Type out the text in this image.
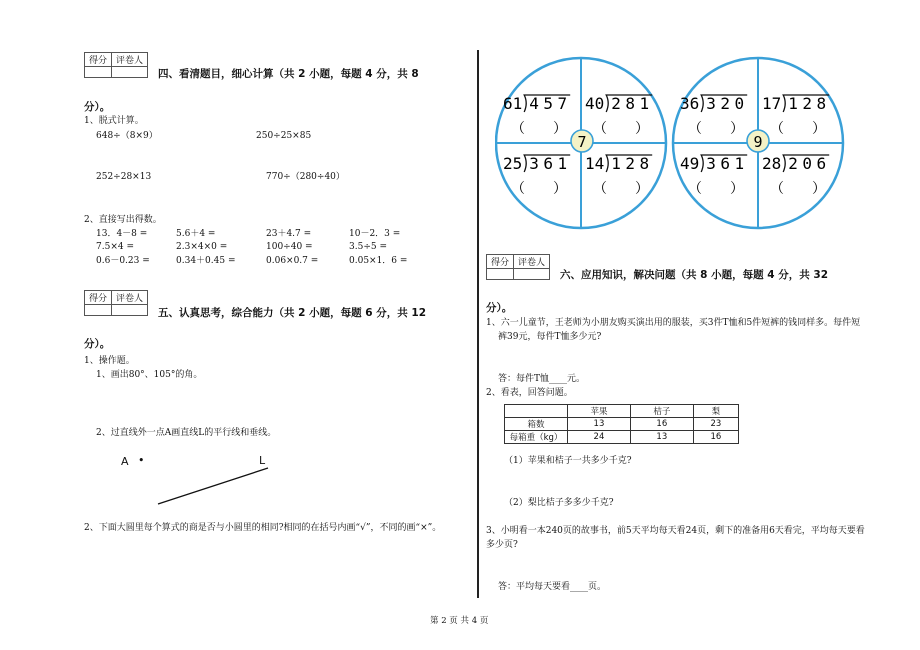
得分	评卷人

四、看清题目，细心计算（共 2 小题，每题 4 分，共 8
分）。
1、脱式计算。
648÷（8×9）	250÷25×85
252÷28×13	770÷（280÷40）
2、直接写出得数。
13．4－8 =	5.6＋4 =	23＋4.7 =	10－2．3 =
7.5×4 =	2.3×4×0 =	100÷40 =	3.5÷5 =
0.6－0.23 =	0.34＋0.45 =	0.06×0.7 =	0.05×1．6 =
得分	评卷人

五、认真思考，综合能力（共 2 小题，每题 6 分，共 12
分）。
1、操作题。
1、画出80°、105°的角。
2、过直线外一点A画直线L的平行线和垂线。
A •	L
2、下面大圆里每个算式的商是否与小圆里的相同?相同的在括号内画“√”，不同的画“×”。
7	9
61 457
（　　）
40 281
（　　）
25 361
（　　）
14 128
（　　）
36 320
（　　）
17 128
（　　）
49 361
（　　）
28 206
（　　）
得分	评卷人

六、应用知识，解决问题（共 8 小题，每题 4 分，共 32
分）。
1、六一儿童节，王老师为小朋友购买演出用的服装，买3件T恤和5件短裤的钱同样多。每件短
裤39元，每件T恤多少元?
答：每件T恤____元。
2、看表，回答问题。
	苹果	桔子	梨
箱数	13	16	23
每箱重（kg）	24	13	16
（1）苹果和桔子一共多少千克?
（2）梨比桔子多多少千克?
3、小明看一本240页的故事书，前5天平均每天看24页，剩下的准备用6天看完，平均每天要看
多少页?
答：平均每天要看____页。
第 2 页 共 4 页
